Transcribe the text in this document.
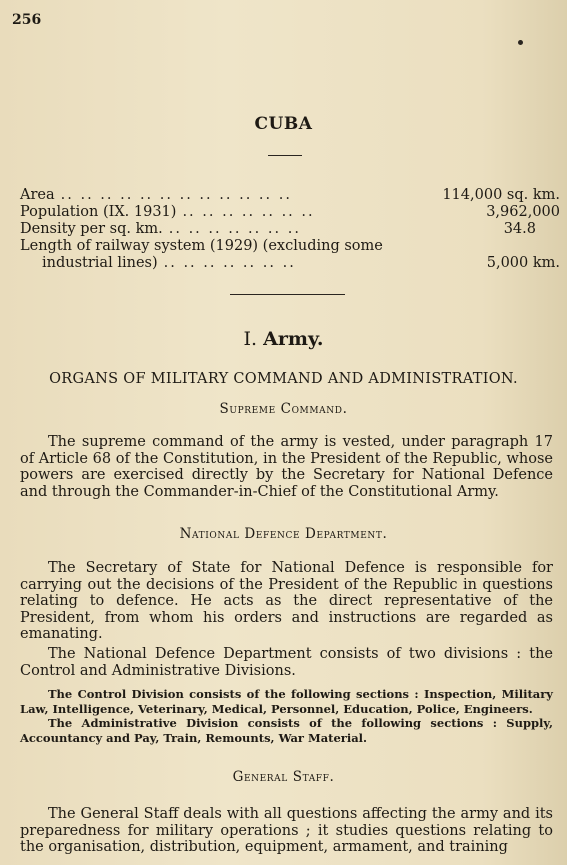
256
CUBA
Area .. .. .. .. .. .. .. .. .. .. .. ..	114,000 sq. km.
Population (IX. 1931) .. .. .. .. .. .. ..	3,962,000
Density per sq. km. .. .. .. .. .. .. ..	34.8
Length of railway system (1929) (excluding some
industrial lines) .. .. .. .. .. .. ..	5,000 km.
I. Army.
ORGANS OF MILITARY COMMAND AND ADMINISTRATION.
Supreme Command.
The supreme command of the army is vested, under paragraph 17 of Article 68 of the Constitution, in the President of the Republic, whose powers are exercised directly by the Secretary for National Defence and through the Commander-in-Chief of the Constitutional Army.
National Defence Department.
The Secretary of State for National Defence is responsible for carrying out the decisions of the President of the Republic in questions relating to defence. He acts as the direct representative of the President, from whom his orders and instructions are regarded as emanating.
The National Defence Department consists of two divisions : the Control and Administrative Divisions.
The Control Division consists of the following sections : Inspection, Military Law, Intelligence, Veterinary, Medical, Personnel, Education, Police, Engineers.
The Administrative Division consists of the following sections : Supply, Accountancy and Pay, Train, Remounts, War Material.
General Staff.
The General Staff deals with all questions affecting the army and its preparedness for military operations ; it studies questions relating to the organisation, distribution, equipment, armament, and training
